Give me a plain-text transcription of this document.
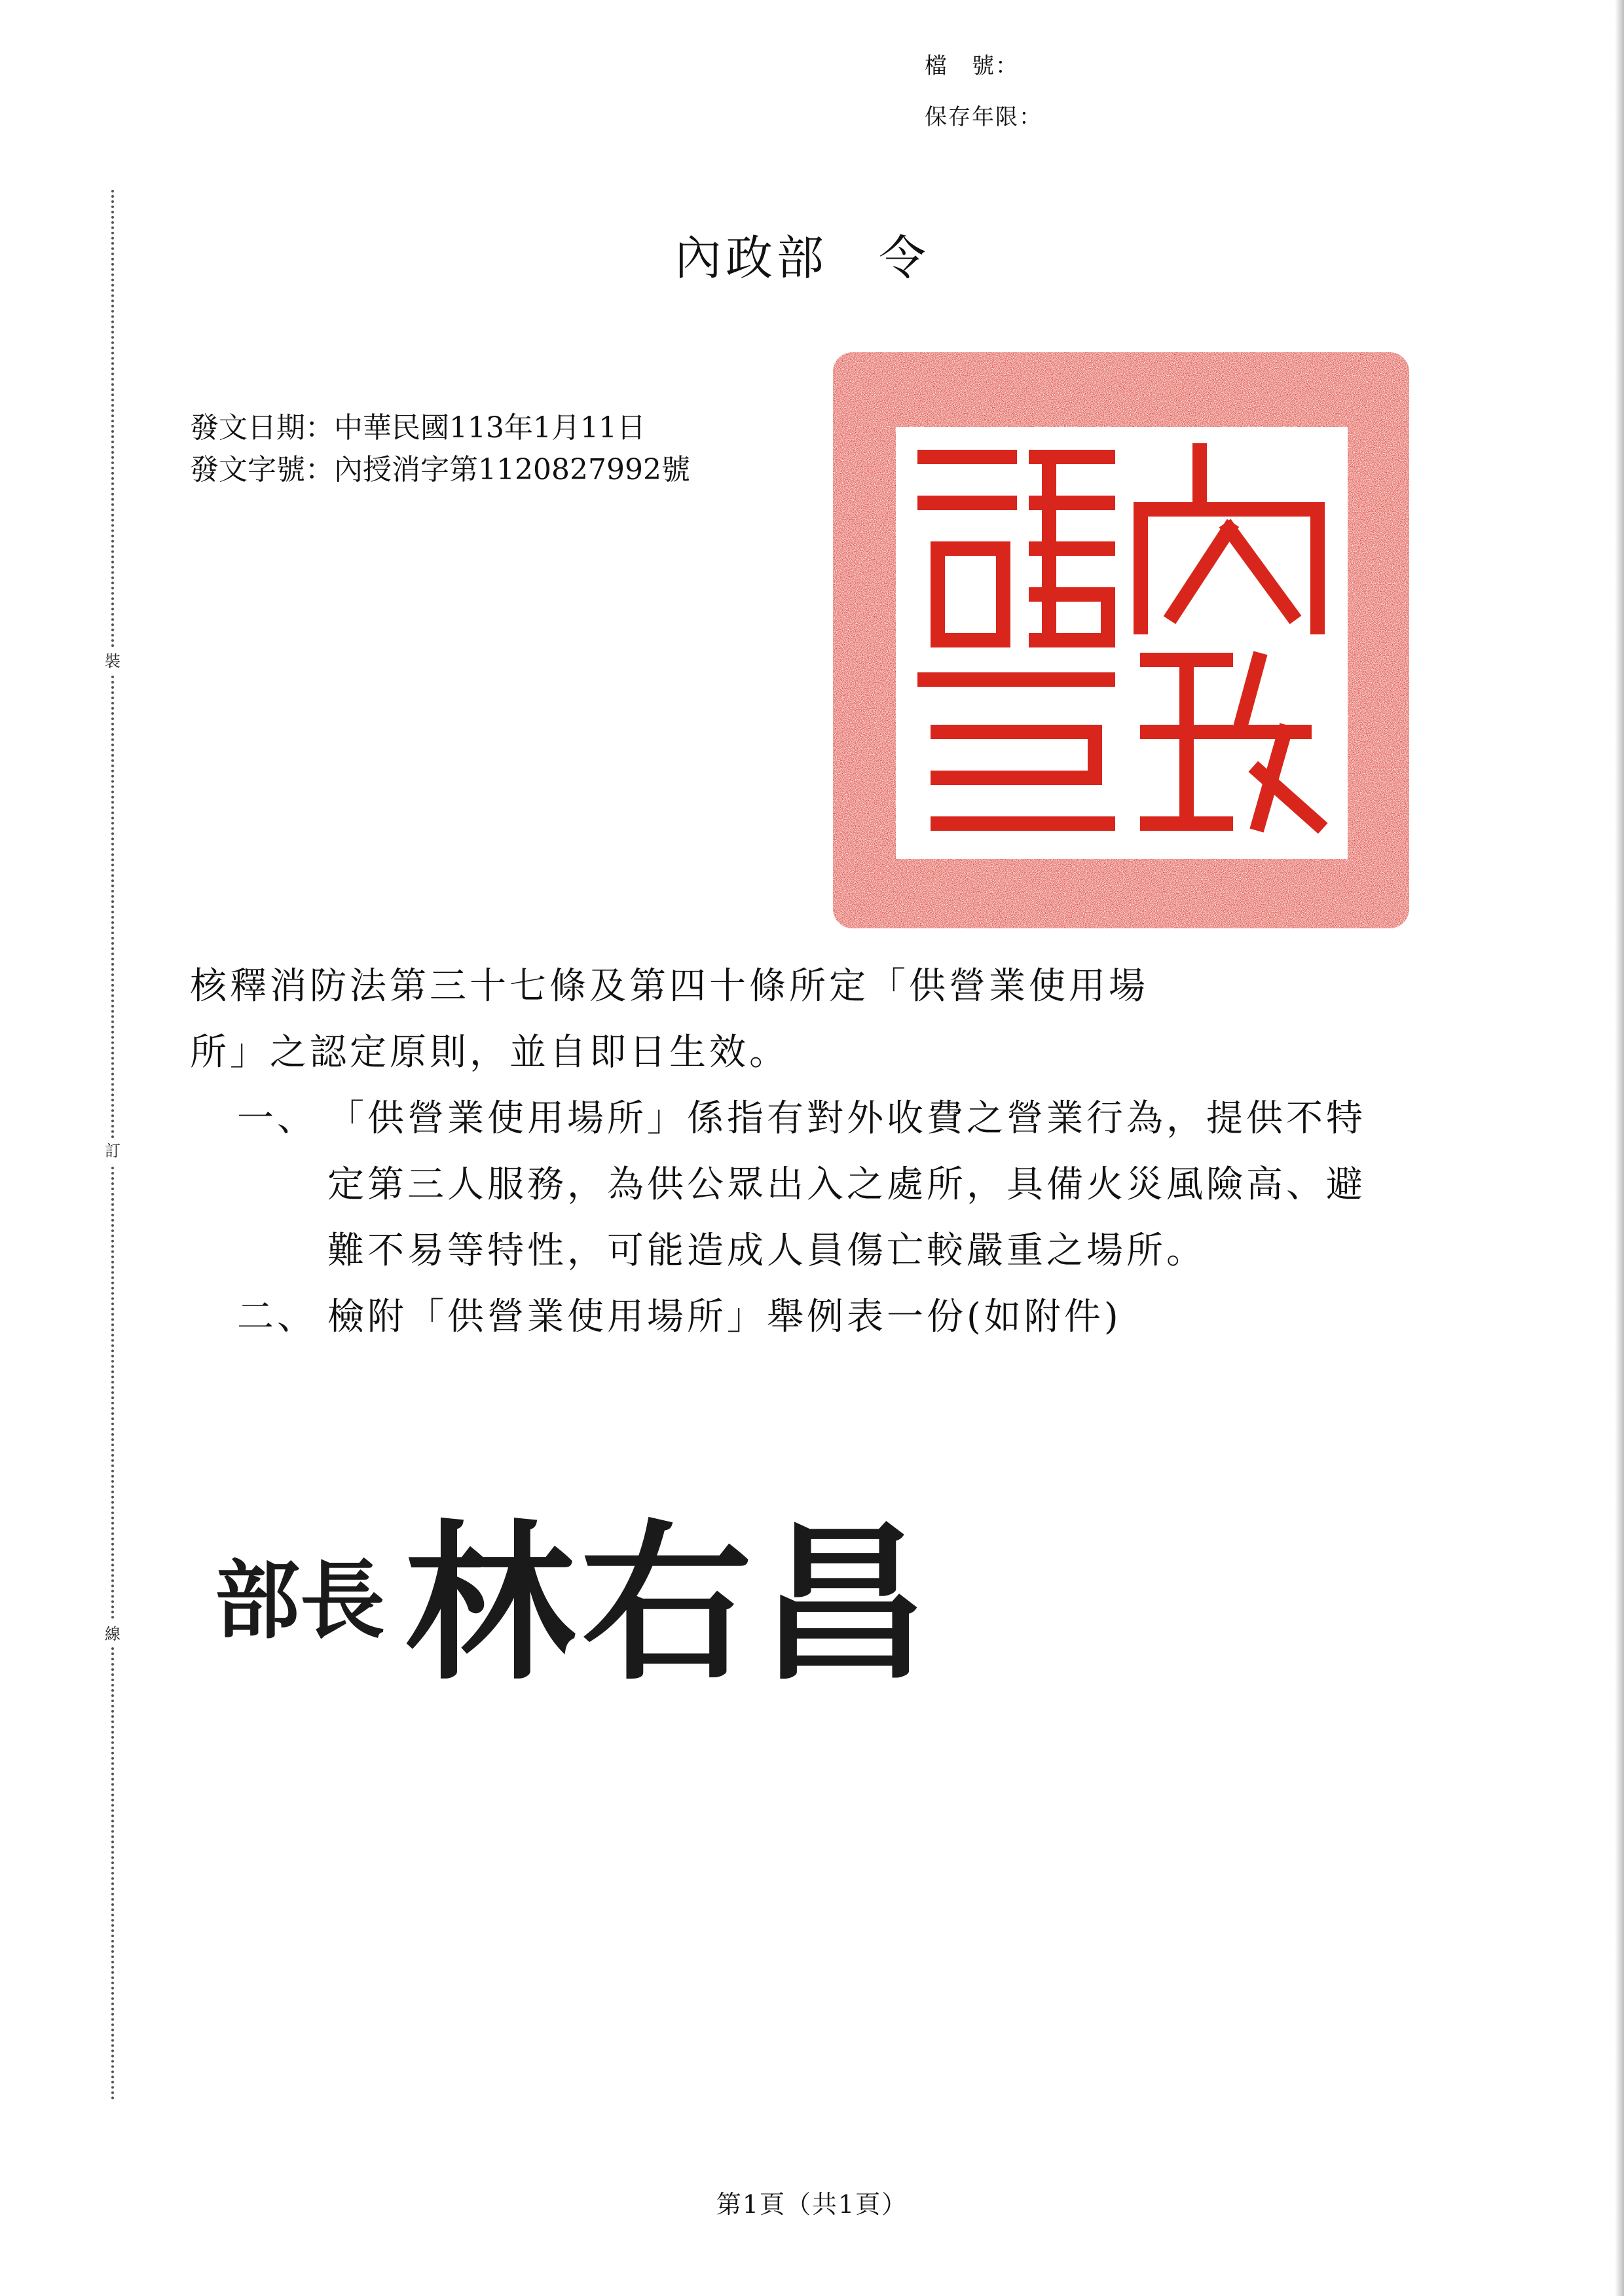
裝
訂
線
檔　號：
保存年限：
內政部　令
發文日期：中華民國113年1月11日
發文字號：內授消字第1120827992號
核釋消防法第三十七條及第四十條所定「供營業使用場
所」之認定原則，並自即日生效。
一、 「供營業使用場所」係指有對外收費之營業行為，提供不特定第三人服務，為供公眾出入之處所，具備火災風險高、避難不易等特性，可能造成人員傷亡較嚴重之場所。
二、 檢附「供營業使用場所」舉例表一份(如附件)
部長 林右昌
第1頁（共1頁）
